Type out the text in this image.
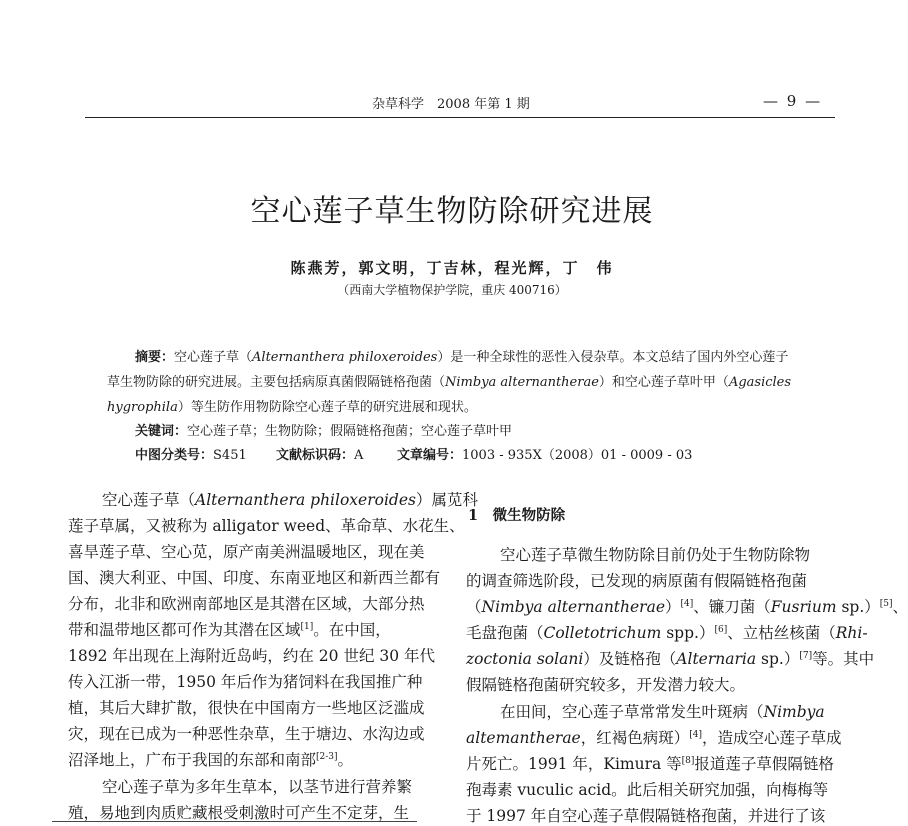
杂草科学　2008 年第 1 期	— 9 —
空心莲子草生物防除研究进展
陈燕芳，郭文明，丁吉林，程光辉，丁　伟
（西南大学植物保护学院，重庆 400716）
摘要：空心莲子草（Alternanthera philoxeroides）是一种全球性的恶性入侵杂草。本文总结了国内外空心莲子
草生物防除的研究进展。主要包括病原真菌假隔链格孢菌（Nimbya alternantherae）和空心莲子草叶甲（Agasicles
hygrophila）等生防作用物防除空心莲子草的研究进展和现状。
关键词：空心莲子草；生物防除；假隔链格孢菌；空心莲子草叶甲
中图分类号：S451 文献标识码：A	文章编号：1003 - 935X（2008）01 - 0009 - 03
空心莲子草（Alternanthera philoxeroides）属苋科
莲子草属，又被称为 alligator weed、革命草、水花生、
喜旱莲子草、空心苋，原产南美洲温暖地区，现在美
国、澳大利亚、中国、印度、东南亚地区和新西兰都有
分布，北非和欧洲南部地区是其潜在区域，大部分热
带和温带地区都可作为其潜在区域[1]。在中国，
1892 年出现在上海附近岛屿，约在 20 世纪 30 年代
传入江浙一带，1950 年后作为猪饲料在我国推广种
植，其后大肆扩散，很快在中国南方一些地区泛滥成
灾，现在已成为一种恶性杂草，生于塘边、水沟边或
沼泽地上，广布于我国的东部和南部[2-3]。
空心莲子草为多年生草本，以茎节进行营养繁
殖，易地到肉质贮藏根受刺激时可产生不定芽，生
1　微生物防除
空心莲子草微生物防除目前仍处于生物防除物
的调查筛选阶段，已发现的病原菌有假隔链格孢菌
（Nimbya alternantherae）[4]、镰刀菌（Fusrium sp.）[5]、
毛盘孢菌（Colletotrichum spp.）[6]、立枯丝核菌（Rhi-
zoctonia solani）及链格孢（Alternaria sp.）[7]等。其中
假隔链格孢菌研究较多，开发潜力较大。
在田间，空心莲子草常常发生叶斑病（Nimbya
altemantherae，红褐色病斑）[4]，造成空心莲子草成
片死亡。1991 年，Kimura 等[8]报道莲子草假隔链格
孢毒素 vuculic acid。此后相关研究加强，向梅梅等
于 1997 年自空心莲子草假隔链格孢菌，并进行了该
